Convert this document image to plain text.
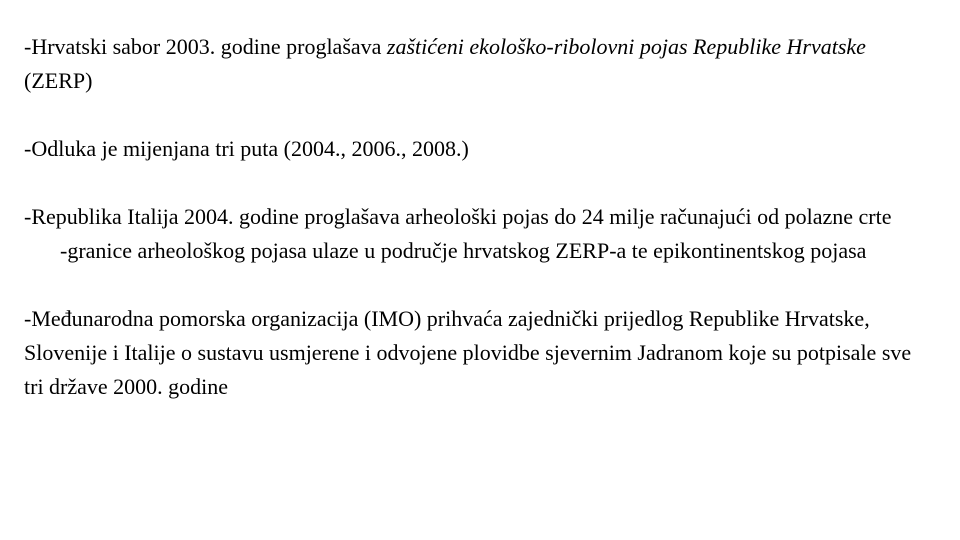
-Hrvatski sabor 2003. godine proglašava zaštićeni ekološko-ribolovni pojas Republike Hrvatske (ZERP)

-Odluka je mijenjana tri puta (2004., 2006., 2008.)

-Republika Italija 2004. godine proglašava arheološki pojas do 24 milje računajući od polazne crte
-granice arheološkog pojasa ulaze u područje hrvatskog ZERP-a te epikontinentskog pojasa

-Međunarodna pomorska organizacija (IMO) prihvaća zajednički prijedlog Republike Hrvatske, Slovenije i Italije o sustavu usmjerene i odvojene plovidbe sjevernim Jadranom koje su potpisale sve tri države 2000. godine
